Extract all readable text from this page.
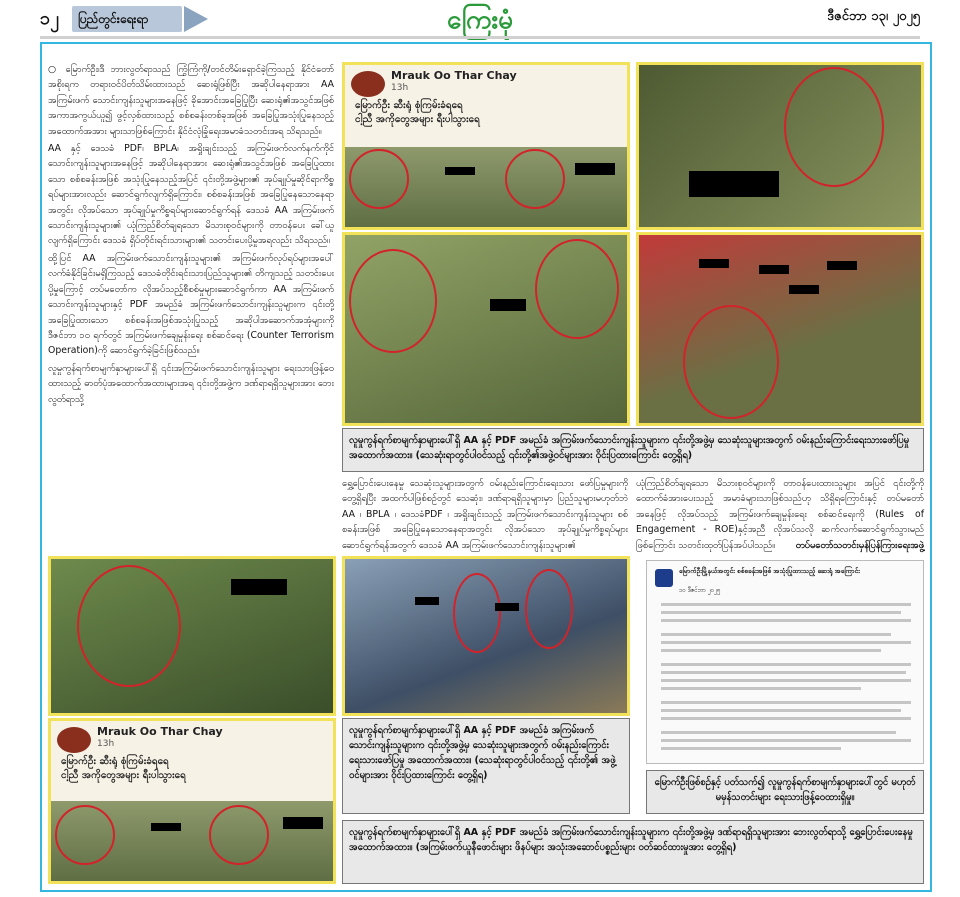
၁၂	ပြည်တွင်းရေးရာ	ကြေးမုံ	ဒီဇင်ဘာ ၁၃၊ ၂၀၂၅

○ မြောက်ဦး၊ဒီ ဘားလွတ်ရာသည် ကြွံကြံကို/တင်တိမ်းရှောင်ခဲ့ကြသည့် နိုင်ငံတော်အစိုးရက တရားဝင်ပိတ်သိမ်းထားသည် ဆေးရုံဖြစ်ပြီး အဆိုပါနေရာအား AA အကြမ်းဖက် သောင်းကျန်းသူများအနေဖြင့် ခိုအောင်းအခြေပြုပြီး ဆေးရုံ၏အသွင်အဖြစ် အကာအကွယ်ယူ၍ ဖွင့်လှစ်ထားသည့် စစ်စခန်းတစ်ခုအဖြစ် အခြေပြုအသုံးပြုနေသည့် အထောက်အအား များသာဖြစ်ကြောင်း နိုင်ငံလုံခြုံရေးအမာခံသတင်းအရ သိရသည်။

AA နှင့် ဒေသခံ PDF၊ BPLA၊ အရှိုးချင်းသည့် အကြမ်းဖက်လက်နက်ကိုင် သောင်းကျန်းသူများအနေဖြင့် အဆိုပါနေရာအား ဆေးရုံ၏အသွင်အဖြစ် အခြေပြုထားသော စစ်စခန်းအဖြစ် အသုံးပြုနေသည့်အပြင် ၎င်းတို့အဖွဲ့များ၏ အုပ်ချုပ်မှုဆိုင်ရာကိစ္စရပ်များအားလည်း ဆောင်ရွက်လျက်ရှိကြောင်း၊ စစ်စခန်းအဖြစ် အခြေပြုနေသောနေရာအတွင်း လိုအပ်သော အုပ်ချုပ်မှုကိစ္စရပ်များဆောင်ရွက်ရန် ဒေသခံ AA အကြမ်းဖက်သောင်းကျန်းသူများ၏ ယုံကြည်စိတ်ချရသော မိသားစုဝင်များကို တာဝန်ပေး ခေါ်ယူလျက်ရှိကြောင်း ဒေသခံ ရှိပ်တိုင်းရင်းသားများ၏ သတင်းပေးပို့မှုအရလည်း သိရသည်။

ထို့ပြင် AA အကြမ်းဖက်သောင်းကျန်းသူများ၏ အကြမ်းဖက်လုပ်ရပ်များအပေါ် လက်ခံနိုင်ခြင်းမရှိကြသည့် ဒေသခံတိုင်းရင်းသားပြည်သူများ၏ တိကျသည့် သတင်းပေးပို့မှုကြောင့် တပ်မတော်က လိုအပ်သည့်စီစစ်မှုများဆောင်ရွက်ကာ AA အကြမ်းဖက်သောင်းကျန်းသူများနှင့် PDF အမည်ခံ အကြမ်းဖက်သောင်းကျန်းသူများက ၎င်းတို့ အခြေပြုထားသော စစ်စခန်းအဖြစ်အသုံးပြုသည့် အဆိုပါအဆောက်အအုံများကို ဒီဇင်ဘာ ၁၀ ရက်တွင် အကြမ်းဖက်ချေမှုန်းရေး စစ်ဆင်ရေး (Counter Terrorism Operation)ကို ဆောင်ရွက်ခဲ့ခြင်းဖြစ်သည်။

လူမှုကွန်ရက်စာမျက်နှာများပေါ်ရှိ ၎င်းအကြမ်းဖက်သောင်းကျန်းသူများ ရေးသားဖြန့်ဝေထားသည့် ဓာတ်ပုံအထောက်အထားများအရ ၎င်းတို့အဖွဲ့က ဒဏ်ရာရရှိသူများအား ဘေးလွတ်ရာသို့

Mrauk Oo Thar Chay
13h
မြောက်ဦး ဆီးရုံ စုံကြမ်းခံရရေ
ငါ့ညီ အကိုတွေအများ ရီးပါသွားရေ
လူမှုကွန်ရက်စာမျက်နှာများပေါ်ရှိ AA နှင့် PDF အမည်ခံ အကြမ်းဖက်သောင်းကျန်းသူများက ၎င်းတို့အဖွဲ့မှ သေဆုံးသူများအတွက် ဝမ်းနည်းကြောင်းရေးသားဖော်ပြမှုအထောက်အထား။ (သေဆုံးရာတွင်ပါဝင်သည့် ၎င်းတို့၏အဖွဲ့ဝင်များအား ဝိုင်းပြထားကြောင်း တွေ့ရှိရ)
ရွှေ့ပြောင်းပေးနေမှု သေဆုံးသူများအတွက် ဝမ်းနည်းကြောင်းရေးသား ဖော်ပြမှုများကို တွေ့ရှိရပြီး အထက်ပါဖြစ်စဉ်တွင် သေဆုံး၊ ဒဏ်ရာရရှိသူများမှာ ပြည်သူများမဟုတ်ဘဲ AA ၊ BPLA ၊ ဒေသခံPDF ၊ အရှိုးချင်းသည့် အကြမ်းဖက်သောင်းကျန်းသူများ စစ်စခန်းအဖြစ် အခြေပြုနေသောနေရာအတွင်း လိုအပ်သော အုပ်ချုပ်မှုကိစ္စရပ်များ ဆောင်ရွက်ရန်အတွက် ဒေသခံ AA အကြမ်းဖက်သောင်းကျန်းသူများ၏
ယုံကြည်စိတ်ချရသော မိသားစုဝင်များကို တာဝန်ပေးထားသူများ အပြင် ၎င်းတို့ကို ထောက်ခံအားပေးသည့် အမာခံများသာဖြစ်သည်ဟု သိရှိရကြောင်းနှင့် တပ်မတော်အနေဖြင့် လိုအပ်သည့် အကြမ်းဖက်ချေမှုန်းရေး စစ်ဆင်ရေးကို (Rules of Engagement - ROE)နှင့်အညီ လိုအပ်သလို ဆက်လက်ဆောင်ရွက်သွားမည်ဖြစ်ကြောင်း သတင်းထုတ်ပြန်အပ်ပါသည်။	တပ်မတော်သတင်းမှန်ပြန်ကြားရေးအဖွဲ့
Mrauk Oo Thar Chay
13h
မြောက်ဦး ဆီးရုံ စုံကြမ်းခံရရေ
ငါ့ညီ အကိုတွေအများ ရီးပါသွားရေ
လူမှုကွန်ရက်စာမျက်နှာများပေါ်ရှိ AA နှင့် PDF အမည်ခံ အကြမ်းဖက်သောင်းကျန်းသူများက ၎င်းတို့အဖွဲ့မှ သေဆုံးသူများအတွက် ဝမ်းနည်းကြောင်း ရေးသားဖော်ပြမှု အထောက်အထား။ (သေဆုံးရာတွင်ပါဝင်သည့် ၎င်းတို့၏ အဖွဲ့ဝင်များအား ဝိုင်းပြထားကြောင်း တွေ့ရှိရ)
မြောက်ဦးမြို့နယ်အတွင်း စစ်စခန်းအဖြစ် အသုံးပြုထားသည့် ဆေးရုံ အကြောင်း
၁၀ ဒီဇင်ဘာ ၂၀၂၅
မြောက်ဦးဖြစ်စဉ်နှင့် ပတ်သက်၍ လူမှုကွန်ရက်စာမျက်နှာများပေါ်တွင် မဟုတ်မမှန်သတင်းများ ရေးသားဖြန့်ဝေထားရှိမှု။
လူမှုကွန်ရက်စာမျက်နှာများပေါ်ရှိ AA နှင့် PDF အမည်ခံ အကြမ်းဖက်သောင်းကျန်းသူများက ၎င်းတို့အဖွဲ့မှ ဒဏ်ရာရရှိသူများအား ဘေးလွတ်ရာသို့ ရွှေ့ပြောင်းပေးနေမှုအထောက်အထား။ (အကြမ်းဖက်ယူနီဖောင်းများ ဖိနပ်များ အသုံးအဆောင်ပစ္စည်းများ ဝတ်ဆင်ထားမှုအား တွေ့ရှိရ)
